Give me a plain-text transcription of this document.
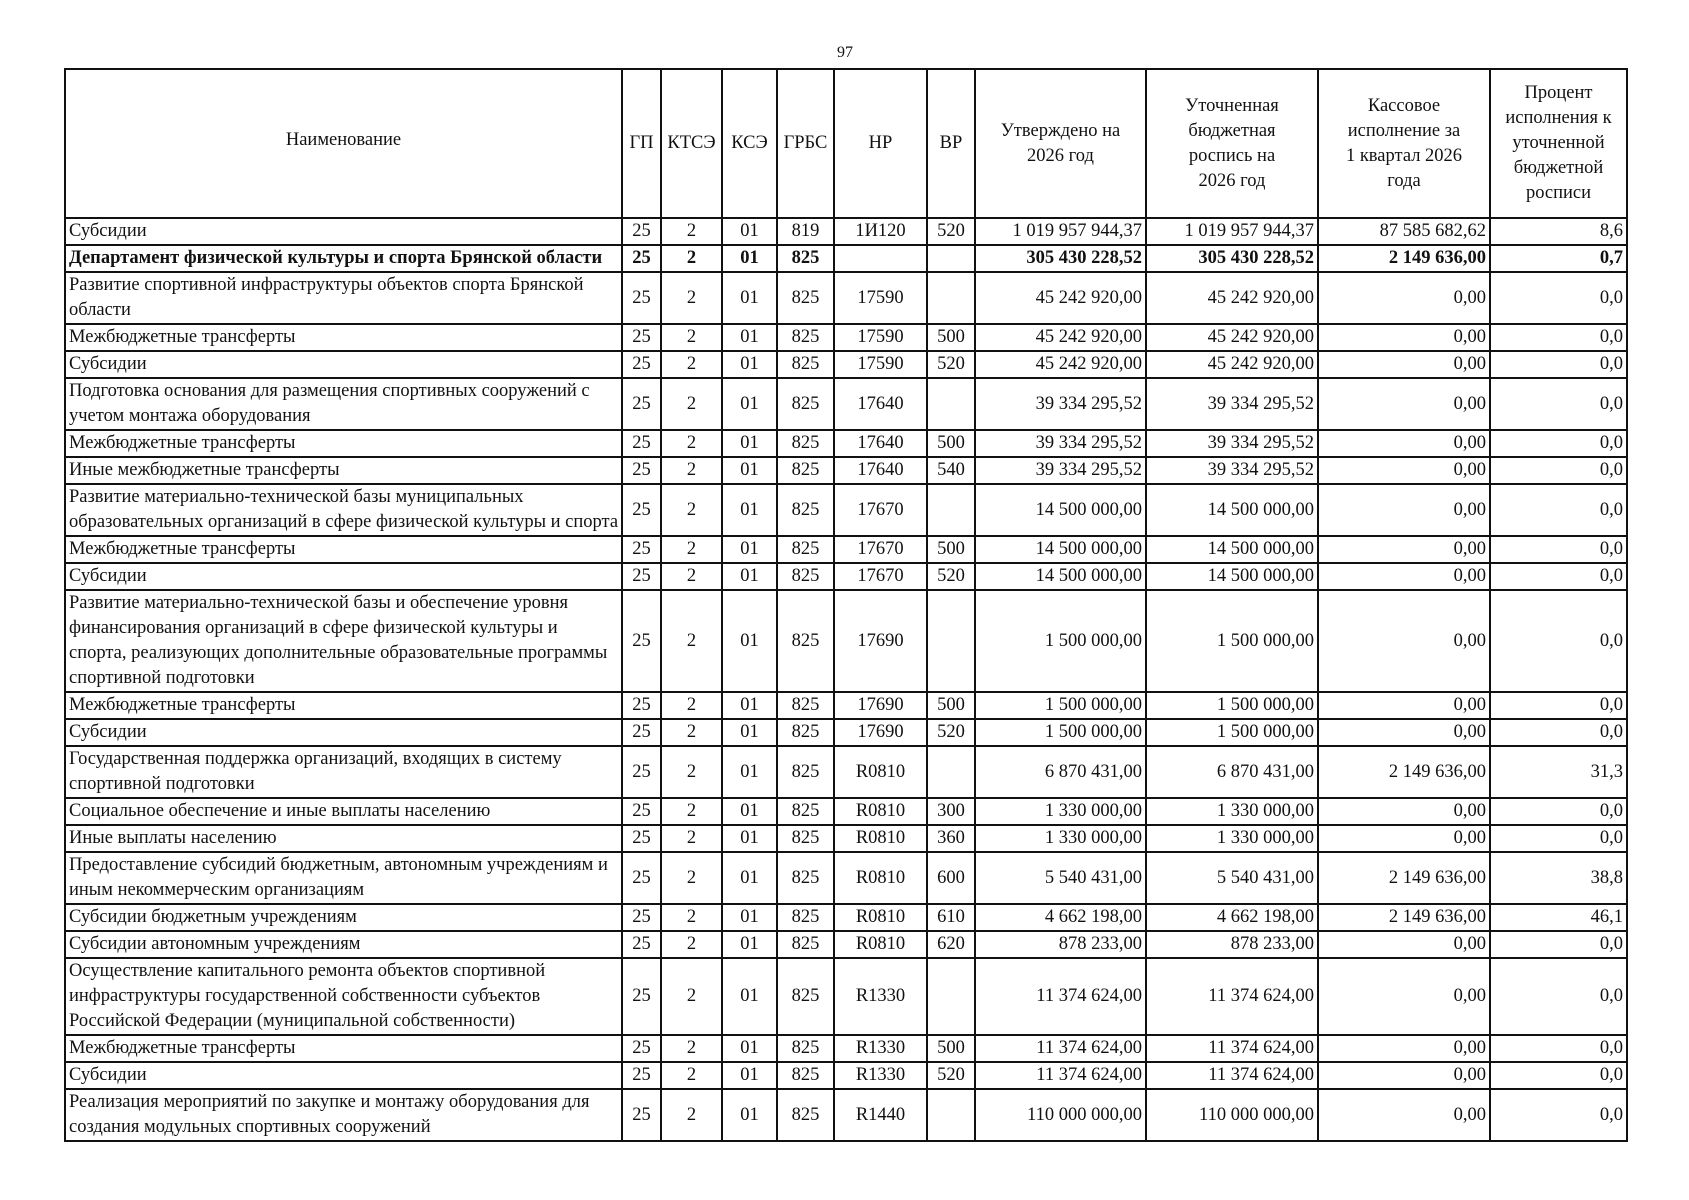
97
Наименование	ГП	КТСЭ	КСЭ	ГРБС	НР	ВР	Утверждено на 2026 год	Уточненная бюджетная роспись на 2026 год	Кассовое исполнение за 1 квартал 2026 года	Процент исполнения к уточненной бюджетной росписи
Субсидии	25	2	01	819	1И120	520	1 019 957 944,37	1 019 957 944,37	87 585 682,62	8,6
Департамент физической культуры и спорта Брянской области	25	2	01	825			305 430 228,52	305 430 228,52	2 149 636,00	0,7
Развитие спортивной инфраструктуры объектов спорта Брянской области	25	2	01	825	17590		45 242 920,00	45 242 920,00	0,00	0,0
Межбюджетные трансферты	25	2	01	825	17590	500	45 242 920,00	45 242 920,00	0,00	0,0
Субсидии	25	2	01	825	17590	520	45 242 920,00	45 242 920,00	0,00	0,0
Подготовка основания для размещения спортивных сооружений с учетом монтажа оборудования	25	2	01	825	17640		39 334 295,52	39 334 295,52	0,00	0,0
Межбюджетные трансферты	25	2	01	825	17640	500	39 334 295,52	39 334 295,52	0,00	0,0
Иные межбюджетные трансферты	25	2	01	825	17640	540	39 334 295,52	39 334 295,52	0,00	0,0
Развитие материально-технической базы муниципальных образовательных организаций в сфере физической культуры и спорта	25	2	01	825	17670		14 500 000,00	14 500 000,00	0,00	0,0
Межбюджетные трансферты	25	2	01	825	17670	500	14 500 000,00	14 500 000,00	0,00	0,0
Субсидии	25	2	01	825	17670	520	14 500 000,00	14 500 000,00	0,00	0,0
Развитие материально-технической базы и обеспечение уровня финансирования организаций в сфере физической культуры и спорта, реализующих дополнительные образовательные программы спортивной подготовки	25	2	01	825	17690		1 500 000,00	1 500 000,00	0,00	0,0
Межбюджетные трансферты	25	2	01	825	17690	500	1 500 000,00	1 500 000,00	0,00	0,0
Субсидии	25	2	01	825	17690	520	1 500 000,00	1 500 000,00	0,00	0,0
Государственная поддержка организаций, входящих в систему спортивной подготовки	25	2	01	825	R0810		6 870 431,00	6 870 431,00	2 149 636,00	31,3
Социальное обеспечение и иные выплаты населению	25	2	01	825	R0810	300	1 330 000,00	1 330 000,00	0,00	0,0
Иные выплаты населению	25	2	01	825	R0810	360	1 330 000,00	1 330 000,00	0,00	0,0
Предоставление субсидий бюджетным, автономным учреждениям и иным некоммерческим организациям	25	2	01	825	R0810	600	5 540 431,00	5 540 431,00	2 149 636,00	38,8
Субсидии бюджетным учреждениям	25	2	01	825	R0810	610	4 662 198,00	4 662 198,00	2 149 636,00	46,1
Субсидии автономным учреждениям	25	2	01	825	R0810	620	878 233,00	878 233,00	0,00	0,0
Осуществление капитального ремонта объектов спортивной инфраструктуры государственной собственности субъектов Российской Федерации (муниципальной собственности)	25	2	01	825	R1330		11 374 624,00	11 374 624,00	0,00	0,0
Межбюджетные трансферты	25	2	01	825	R1330	500	11 374 624,00	11 374 624,00	0,00	0,0
Субсидии	25	2	01	825	R1330	520	11 374 624,00	11 374 624,00	0,00	0,0
Реализация мероприятий по закупке и монтажу оборудования для создания модульных спортивных сооружений	25	2	01	825	R1440		110 000 000,00	110 000 000,00	0,00	0,0
